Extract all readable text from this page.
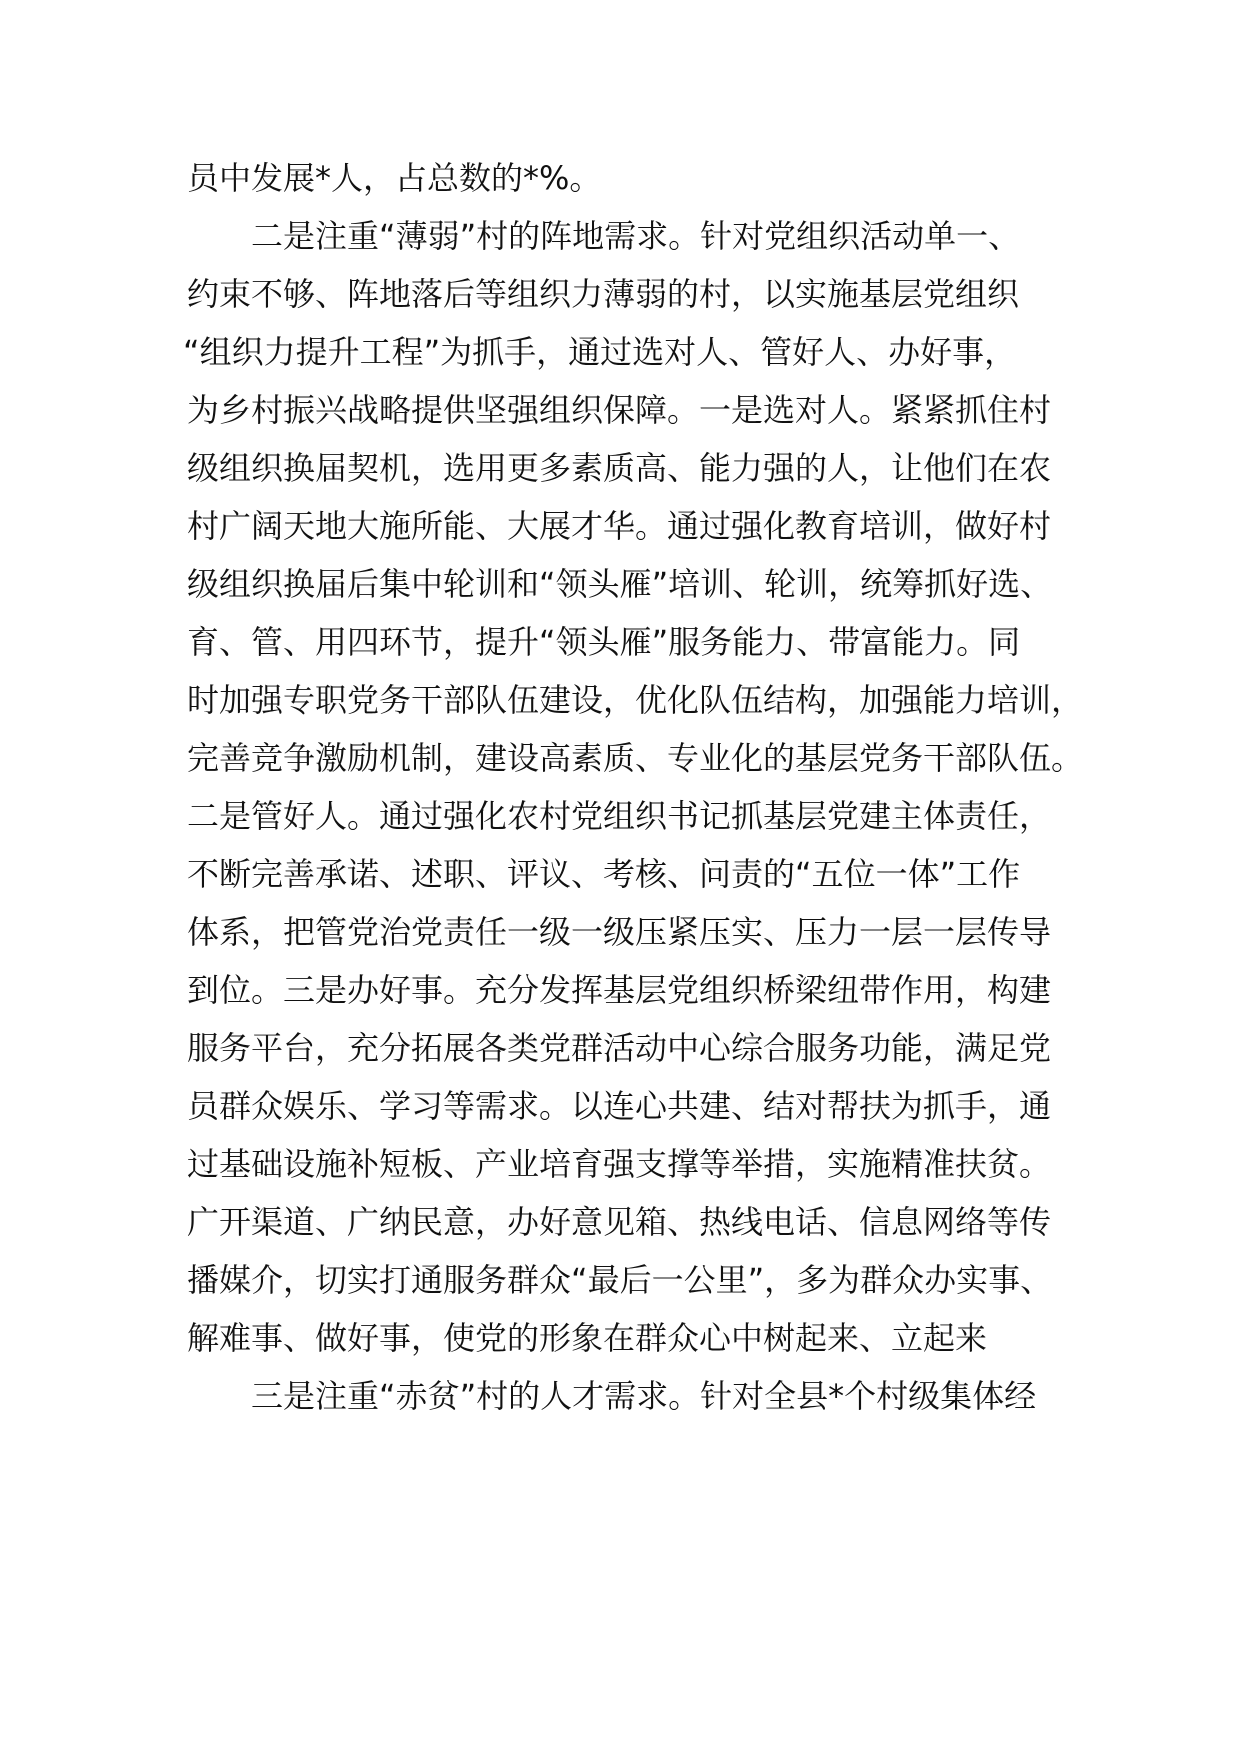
员中发展*人，占总数的*%。
二是注重“薄弱”村的阵地需求。针对党组织活动单一、
约束不够、阵地落后等组织力薄弱的村，以实施基层党组织
“组织力提升工程”为抓手，通过选对人、管好人、办好事，
为乡村振兴战略提供坚强组织保障。一是选对人。紧紧抓住村
级组织换届契机，选用更多素质高、能力强的人，让他们在农
村广阔天地大施所能、大展才华。通过强化教育培训，做好村
级组织换届后集中轮训和“领头雁”培训、轮训，统筹抓好选、
育、管、用四环节，提升“领头雁”服务能力、带富能力。同
时加强专职党务干部队伍建设，优化队伍结构，加强能力培训，
完善竞争激励机制，建设高素质、专业化的基层党务干部队伍。
二是管好人。通过强化农村党组织书记抓基层党建主体责任，
不断完善承诺、述职、评议、考核、问责的“五位一体”工作
体系，把管党治党责任一级一级压紧压实、压力一层一层传导
到位。三是办好事。充分发挥基层党组织桥梁纽带作用，构建
服务平台，充分拓展各类党群活动中心综合服务功能，满足党
员群众娱乐、学习等需求。以连心共建、结对帮扶为抓手，通
过基础设施补短板、产业培育强支撑等举措，实施精准扶贫。
广开渠道、广纳民意，办好意见箱、热线电话、信息网络等传
播媒介，切实打通服务群众“最后一公里”，多为群众办实事、
解难事、做好事，使党的形象在群众心中树起来、立起来
三是注重“赤贫”村的人才需求。针对全县*个村级集体经
